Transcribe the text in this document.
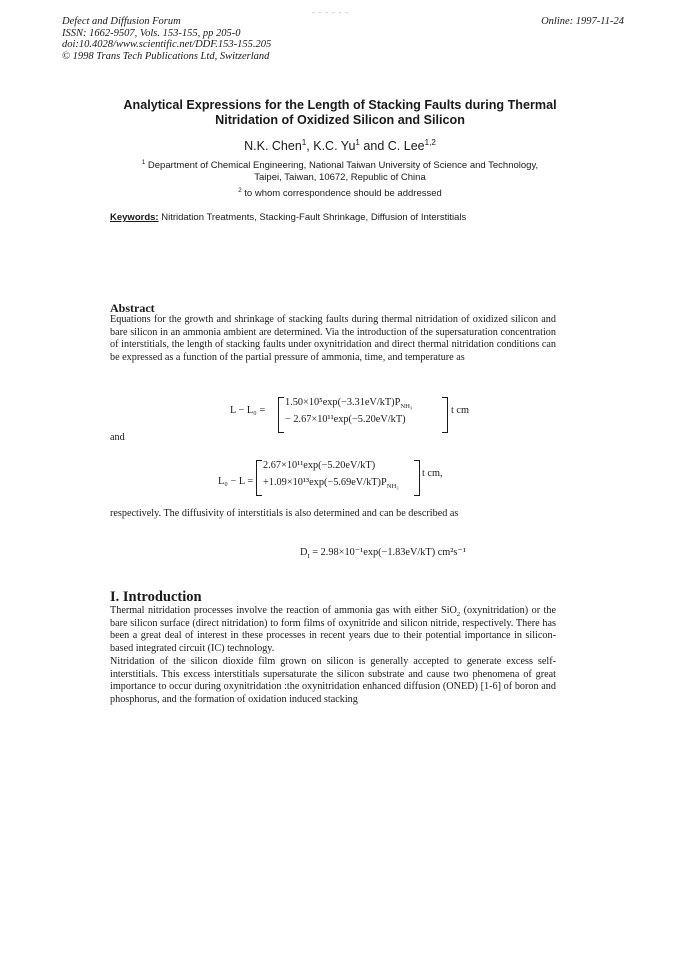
- - - - - -
Defect and Diffusion Forum
ISSN: 1662-9507, Vols. 153-155, pp 205-0
doi:10.4028/www.scientific.net/DDF.153-155.205
© 1998 Trans Tech Publications Ltd, Switzerland
Online: 1997-11-24
Analytical Expressions for the Length of Stacking Faults during Thermal
Nitridation of Oxidized Silicon and Silicon
N.K. Chen$^1$, K.C. Yu$^1$ and C. Lee$^{1,2}$
$^1$ Department of Chemical Engineering, National Taiwan University of Science and Technology,
Taipei, Taiwan, 10672, Republic of China
$^2$ to whom correspondence should be addressed
Keywords: Nitridation Treatments, Stacking-Fault Shrinkage, Diffusion of Interstitials
Abstract
Equations for the growth and shrinkage of stacking faults during thermal nitridation of oxidized silicon and bare silicon in an ammonia ambient are determined. Via the introduction of the supersaturation concentration of interstitials, the length of stacking faults under oxynitridation and direct thermal nitridation conditions can be expressed as a function of the partial pressure of ammonia, time, and temperature as
L − L₀ =
$1.50\times 10^5\exp(-3.31eV/kT)P_{NH_3}$
− 2.67×10¹¹exp(−5.20eV/kT)
t cm
and
L₀ − L =
2.67×10¹¹exp(−5.20eV/kT)
$+1.09\times 10^{13}\exp(-5.69eV/kT)P_{NH_3}$
t cm,
respectively. The diffusivity of interstitials is also determined and can be described as
$D_I = 2.98\times 10^{-1}\exp(-1.83eV/kT)$ cm²s⁻¹
I. Introduction
Thermal nitridation processes involve the reaction of ammonia gas with either SiO$_2$ (oxynitridation) or the bare silicon surface (direct nitridation) to form films of oxynitride and silicon nitride, respectively. There has been a great deal of interest in these processes in recent years due to their potential importance in silicon-based integrated circuit (IC) technology.
Nitridation of the silicon dioxide film grown on silicon is generally accepted to generate excess self-interstitials. This excess interstitials supersaturate the silicon substrate and cause two phenomena of great importance to occur during oxynitridation :the oxynitridation enhanced diffusion (ONED) [1-6] of boron and phosphorus, and the formation of oxidation induced stacking
